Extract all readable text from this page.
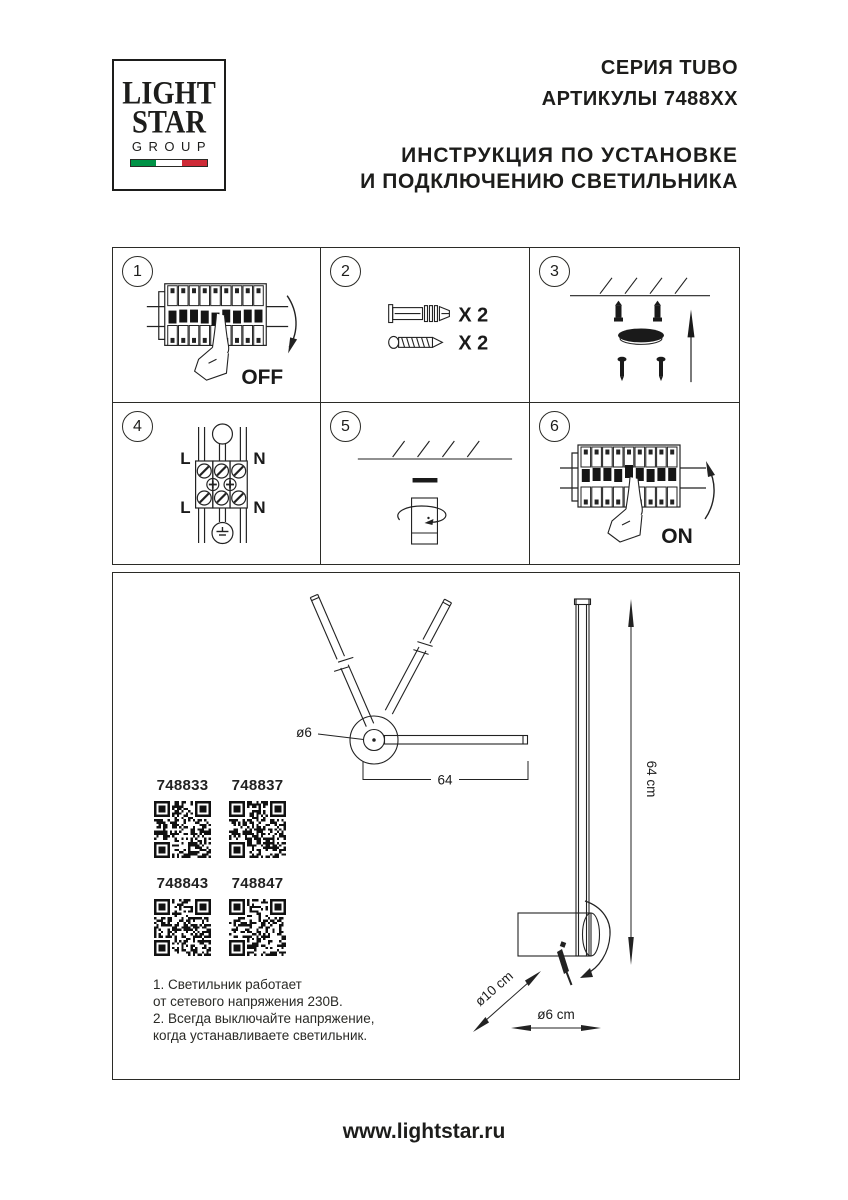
LIGHT
STAR
GROUP
СЕРИЯ TUBO
АРТИКУЛЫ 7488XX
ИНСТРУКЦИЯ ПО УСТАНОВКЕ
И ПОДКЛЮЧЕНИЮ СВЕТИЛЬНИКА
OFF
1
X 2
X 2
2	3
L	N
L	N
4	5
ON
6
ø6
64	64 cm
ø10 cm
ø6 cm
748833 748837
748843 748847
1. Светильник работает
от сетевого напряжения 230В.
2. Всегда выключайте напряжение,
когда устанавливаете светильник.
www.lightstar.ru
